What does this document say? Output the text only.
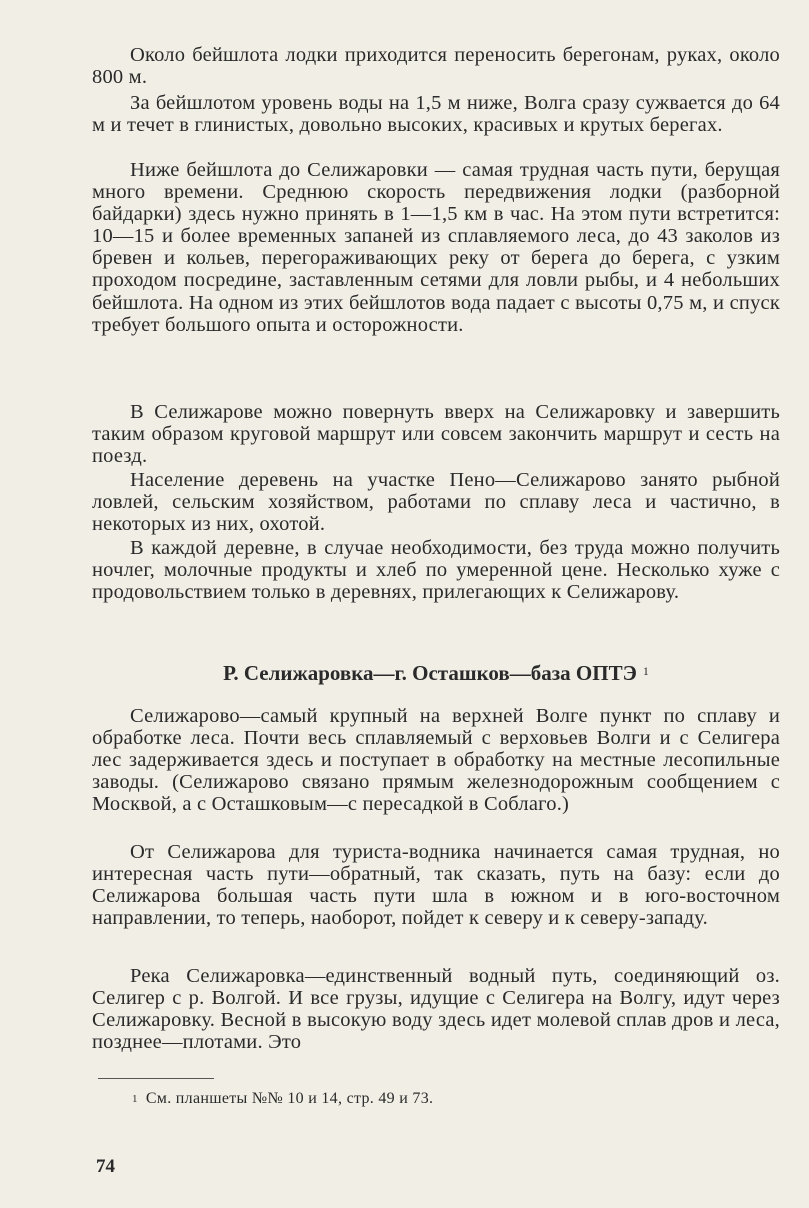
Около бейшлота лодки приходится переносить берегонам, руках, около 800 м.

За бейшлотом уровень воды на 1,5 м ниже, Волга сразу сужвается до 64 м и течет в глинистых, довольно высоких, красивых и крутых берегах.

Ниже бейшлота до Селижаровки — самая трудная часть пути, берущая много времени. Среднюю скорость передвижения лодки (разборной байдарки) здесь нужно принять в 1—1,5 км в час. На этом пути встретится: 10—15 и более временных запаней из сплавляемого леса, до 43 заколов из бревен и кольев, перегораживающих реку от берега до берега, с узким проходом посредине, заставленным сетями для ловли рыбы, и 4 небольших бейшлота. На одном из этих бейшлотов вода падает с высоты 0,75 м, и спуск требует большого опыта и осторожности.

В Селижарове можно повернуть вверх на Селижаровку и завершить таким образом круговой маршрут или совсем закончить маршрут и сесть на поезд.

Население деревень на участке Пено—Селижарово занято рыбной ловлей, сельским хозяйством, работами по сплаву леса и частично, в некоторых из них, охотой.

В каждой деревне, в случае необходимости, без труда можно получить ночлег, молочные продукты и хлеб по умеренной цене. Несколько хуже с продовольствием только в деревнях, прилегающих к Селижарову.

Р. Селижаровка—г. Осташков—база ОПТЭ $^1$

Селижарово—самый крупный на верхней Волге пункт по сплаву и обработке леса. Почти весь сплавляемый с верховьев Волги и с Селигера лес задерживается здесь и поступает в обработку на местные лесопильные заводы. (Селижарово связано прямым железнодорожным сообщением с Москвой, а с Осташковым—с пересадкой в Соблаго.)

От Селижарова для туриста-водника начинается самая трудная, но интересная часть пути—обратный, так сказать, путь на базу: если до Селижарова большая часть пути шла в южном и в юго-восточном направлении, то теперь, наоборот, пойдет к северу и к северу-западу.

Река Селижаровка—единственный водный путь, соединяющий оз. Селигер с р. Волгой. И все грузы, идущие с Селигера на Волгу, идут через Селижаровку. Весной в высокую воду здесь идет молевой сплав дров и леса, позднее—плотами. Это

$^1$ См. планшеты №№ 10 и 14, стр. 49 и 73.
74
